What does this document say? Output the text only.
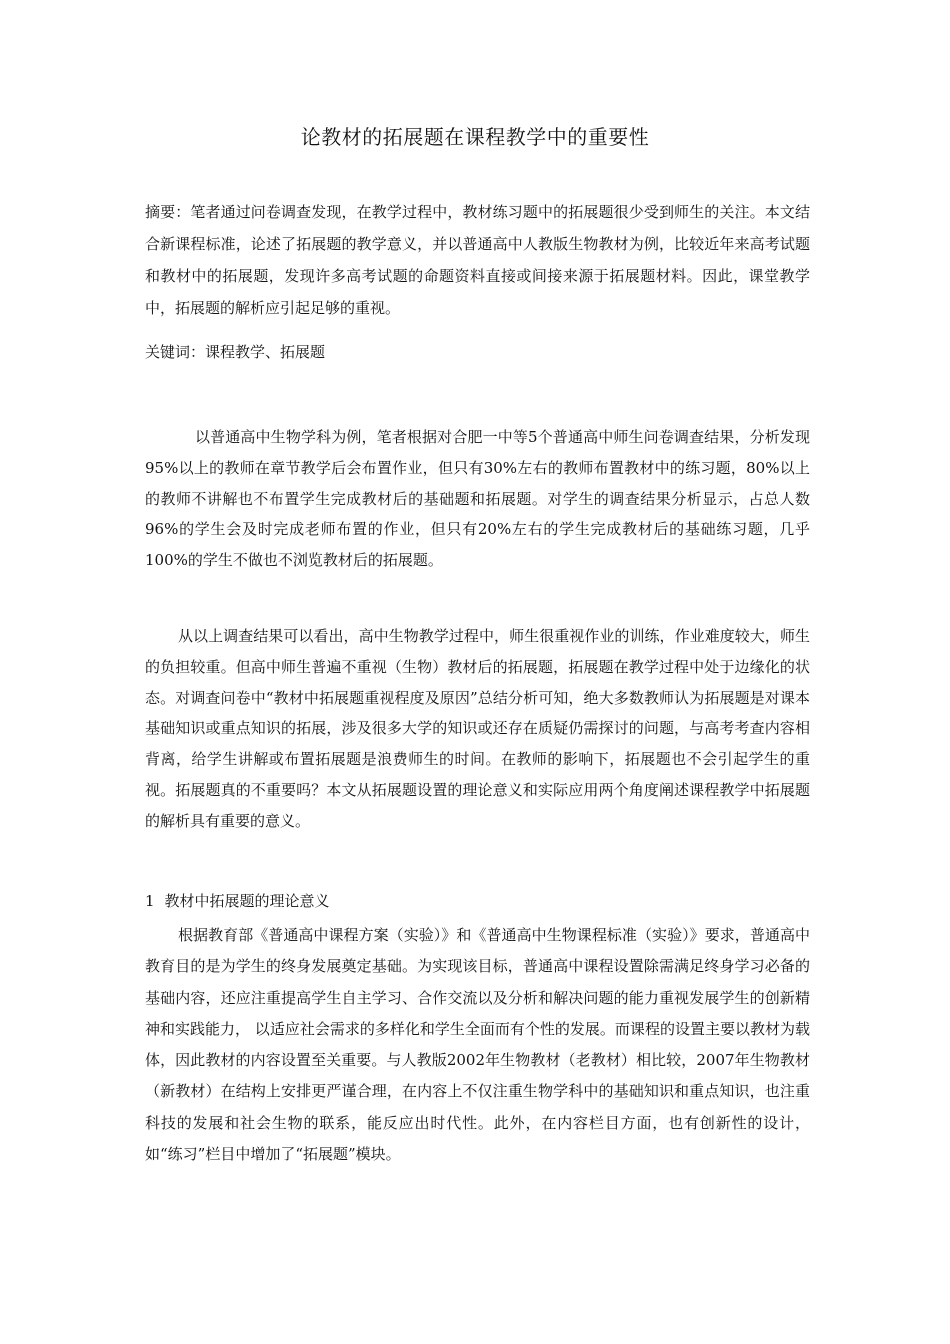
论教材的拓展题在课程教学中的重要性

摘要：笔者通过问卷调查发现，在教学过程中，教材练习题中的拓展题很少受到师生的关注。本文结合新课程标准，论述了拓展题的教学意义，并以普通高中人教版生物教材为例，比较近年来高考试题和教材中的拓展题，发现许多高考试题的命题资料直接或间接来源于拓展题材料。因此，课堂教学中，拓展题的解析应引起足够的重视。

关键词：课程教学、拓展题

以普通高中生物学科为例，笔者根据对合肥一中等5个普通高中师生问卷调查结果，分析发现95%以上的教师在章节教学后会布置作业，但只有30%左右的教师布置教材中的练习题，80%以上的教师不讲解也不布置学生完成教材后的基础题和拓展题。对学生的调查结果分析显示，占总人数96%的学生会及时完成老师布置的作业，但只有20%左右的学生完成教材后的基础练习题，几乎100%的学生不做也不浏览教材后的拓展题。

从以上调查结果可以看出，高中生物教学过程中，师生很重视作业的训练，作业难度较大，师生的负担较重。但高中师生普遍不重视（生物）教材后的拓展题，拓展题在教学过程中处于边缘化的状态。对调查问卷中“教材中拓展题重视程度及原因”总结分析可知，绝大多数教师认为拓展题是对课本基础知识或重点知识的拓展，涉及很多大学的知识或还存在质疑仍需探讨的问题，与高考考查内容相背离，给学生讲解或布置拓展题是浪费师生的时间。在教师的影响下，拓展题也不会引起学生的重视。拓展题真的不重要吗？本文从拓展题设置的理论意义和实际应用两个角度阐述课程教学中拓展题的解析具有重要的意义。

1 教材中拓展题的理论意义

根据教育部《普通高中课程方案（实验）》和《普通高中生物课程标准（实验）》要求，普通高中教育目的是为学生的终身发展奠定基础。为实现该目标，普通高中课程设置除需满足终身学习必备的基础内容，还应注重提高学生自主学习、合作交流以及分析和解决问题的能力重视发展学生的创新精神和实践能力， 以适应社会需求的多样化和学生全面而有个性的发展。而课程的设置主要以教材为载体，因此教材的内容设置至关重要。与人教版2002年生物教材（老教材）相比较，2007年生物教材（新教材）在结构上安排更严谨合理，在内容上不仅注重生物学科中的基础知识和重点知识，也注重科技的发展和社会生物的联系，能反应出时代性。此外，在内容栏目方面，也有创新性的设计，如“练习”栏目中增加了“拓展题”模块。
